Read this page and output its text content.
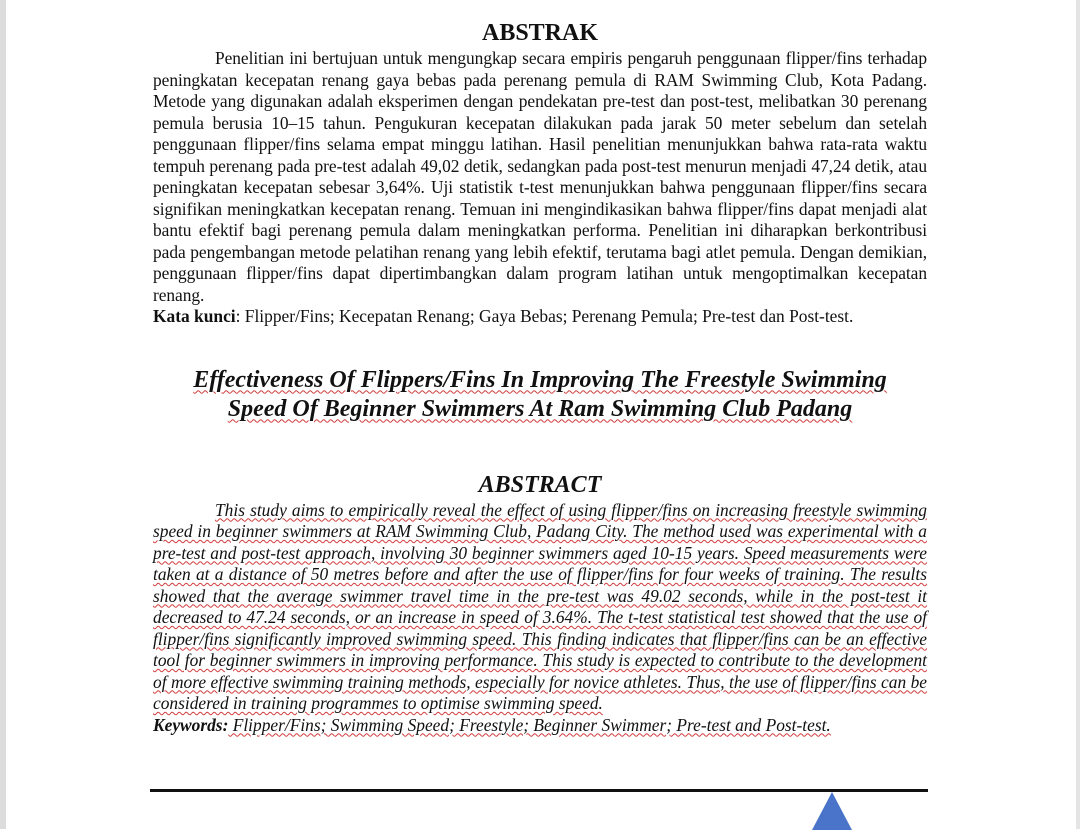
ABSTRAK

Penelitian ini bertujuan untuk mengungkap secara empiris pengaruh penggunaan flipper/fins terhadap peningkatan kecepatan renang gaya bebas pada perenang pemula di RAM Swimming Club, Kota Padang. Metode yang digunakan adalah eksperimen dengan pendekatan pre-test dan post-test, melibatkan 30 perenang pemula berusia 10–15 tahun. Pengukuran kecepatan dilakukan pada jarak 50 meter sebelum dan setelah penggunaan flipper/fins selama empat minggu latihan. Hasil penelitian menunjukkan bahwa rata-rata waktu tempuh perenang pada pre-test adalah 49,02 detik, sedangkan pada post-test menurun menjadi 47,24 detik, atau peningkatan kecepatan sebesar 3,64%. Uji statistik t-test menunjukkan bahwa penggunaan flipper/fins secara signifikan meningkatkan kecepatan renang. Temuan ini mengindikasikan bahwa flipper/fins dapat menjadi alat bantu efektif bagi perenang pemula dalam meningkatkan performa. Penelitian ini diharapkan berkontribusi pada pengembangan metode pelatihan renang yang lebih efektif, terutama bagi atlet pemula. Dengan demikian, penggunaan flipper/fins dapat dipertimbangkan dalam program latihan untuk mengoptimalkan kecepatan renang.

Kata kunci: Flipper/Fins; Kecepatan Renang; Gaya Bebas; Perenang Pemula; Pre-test dan Post-test.

Effectiveness Of Flippers/Fins In Improving The Freestyle Swimming
Speed Of Beginner Swimmers At Ram Swimming Club Padang
ABSTRACT

This study aims to empirically reveal the effect of using flipper/fins on increasing freestyle swimming speed in beginner swimmers at RAM Swimming Club, Padang City. The method used was experimental with a pre-test and post-test approach, involving 30 beginner swimmers aged 10-15 years. Speed measurements were taken at a distance of 50 metres before and after the use of flipper/fins for four weeks of training. The results showed that the average swimmer travel time in the pre-test was 49.02 seconds, while in the post-test it decreased to 47.24 seconds, or an increase in speed of 3.64%. The t-test statistical test showed that the use of flipper/fins significantly improved swimming speed. This finding indicates that flipper/fins can be an effective tool for beginner swimmers in improving performance. This study is expected to contribute to the development of more effective swimming training methods, especially for novice athletes. Thus, the use of flipper/fins can be considered in training programmes to optimise swimming speed.

Keywords: Flipper/Fins; Swimming Speed; Freestyle; Beginner Swimmer; Pre-test and Post-test.
